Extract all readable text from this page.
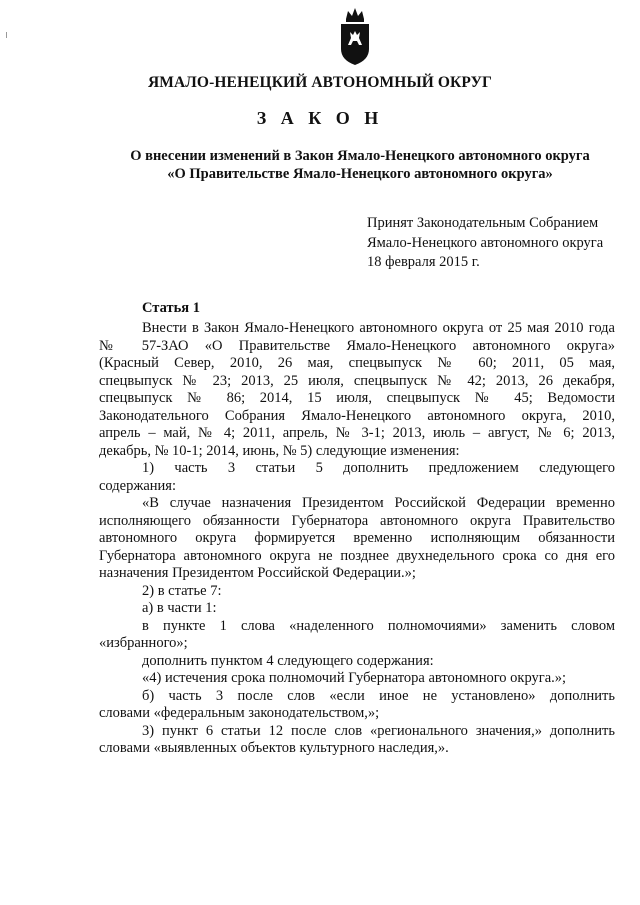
ЯМАЛО-НЕНЕЦКИЙ АВТОНОМНЫЙ ОКРУГ
З А К О Н
О внесении изменений в Закон Ямало-Ненецкого автономного округа
«О Правительстве Ямало-Ненецкого автономного округа»
Принят Законодательным Собранием
Ямало-Ненецкого автономного округа
18 февраля 2015 г.
Статья 1
Внести в Закон Ямало-Ненецкого автономного округа от 25 мая 2010 года
№ 57-ЗАО «О Правительстве Ямало-Ненецкого автономного округа»
(Красный Север, 2010, 26 мая, спецвыпуск № 60; 2011, 05 мая,
спецвыпуск № 23; 2013, 25 июля, спецвыпуск № 42; 2013, 26 декабря,
спецвыпуск № 86; 2014, 15 июля, спецвыпуск № 45; Ведомости
Законодательного Собрания Ямало-Ненецкого автономного округа, 2010,
апрель – май, № 4; 2011, апрель, № 3-1; 2013, июль – август, № 6; 2013,
декабрь, № 10-1; 2014, июнь, № 5) следующие изменения:
1) часть 3 статьи 5 дополнить предложением следующего
содержания:
«В случае назначения Президентом Российской Федерации временно
исполняющего обязанности Губернатора автономного округа Правительство
автономного округа формируется временно исполняющим обязанности
Губернатора автономного округа не позднее двухнедельного срока со дня его
назначения Президентом Российской Федерации.»;
2) в статье 7:
а) в части 1:
в пункте 1 слова «наделенного полномочиями» заменить словом
«избранного»;
дополнить пунктом 4 следующего содержания:
«4) истечения срока полномочий Губернатора автономного округа.»;
б) часть 3 после слов «если иное не установлено» дополнить
словами «федеральным законодательством,»;
3) пункт 6 статьи 12 после слов «регионального значения,» дополнить
словами «выявленных объектов культурного наследия,».
